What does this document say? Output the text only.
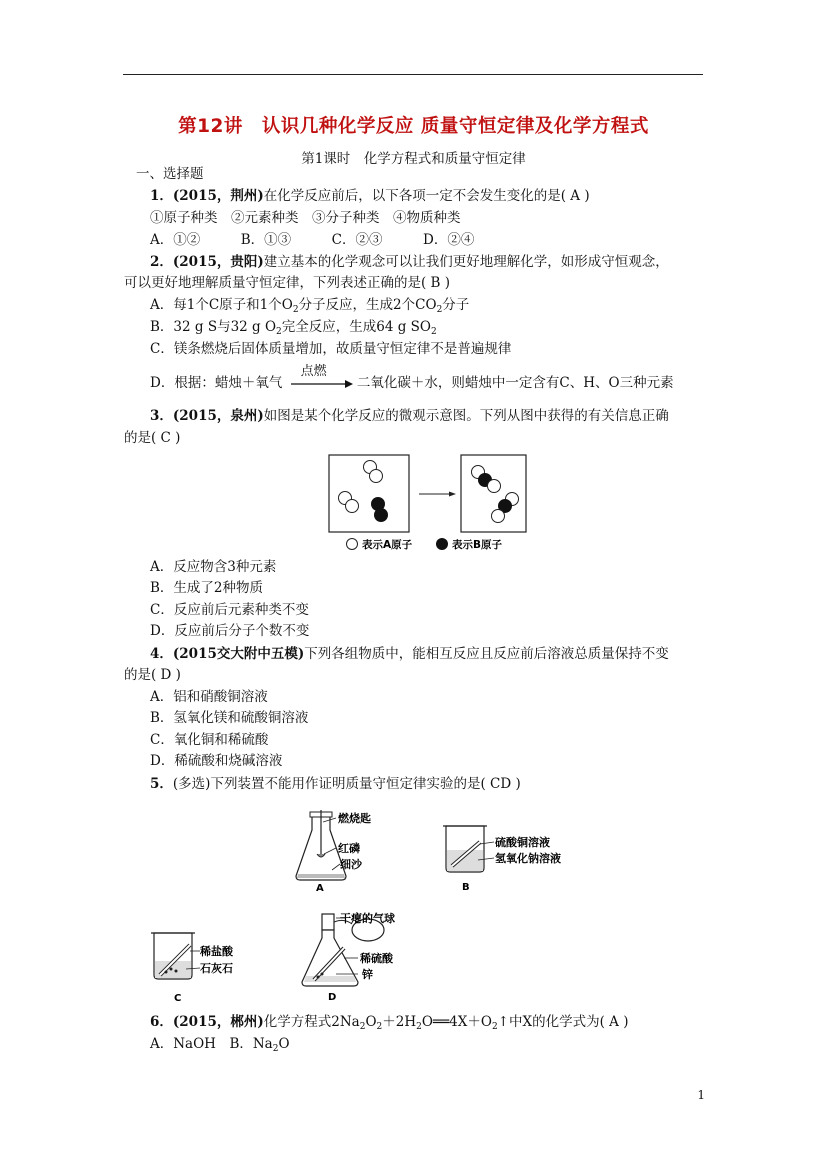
第12讲　认识几种化学反应 质量守恒定律及化学方程式
第1课时　化学方程式和质量守恒定律
一、选择题
1．(2015，荆州)在化学反应前后，以下各项一定不会发生变化的是( A )
①原子种类　②元素种类　③分子种类　④物质种类
A．①②　　　B．①③　　　C．②③　　　D．②④
2．(2015，贵阳)建立基本的化学观念可以让我们更好地理解化学，如形成守恒观念，
可以更好地理解质量守恒定律，下列表述正确的是( B )
A．每1个C原子和1个$O_2$分子反应，生成2个$CO_2$分子
B．32 g S与32 g $O_2$完全反应，生成64 g $SO_2$
C．镁条燃烧后固体质量增加，故质量守恒定律不是普遍规律
D．根据：蜡烛＋氧气
点燃
二氧化碳＋水，则蜡烛中一定含有C、H、O三种元素
3．(2015，泉州)如图是某个化学反应的微观示意图。下列从图中获得的有关信息正确
的是( C )
表示A原子	表示B原子
A．反应物含3种元素
B．生成了2种物质
C．反应前后元素种类不变
D．反应前后分子个数不变
4．(2015交大附中五模)下列各组物质中，能相互反应且反应前后溶液总质量保持不变
的是( D )
A．铝和硝酸铜溶液
B．氢氧化镁和硫酸铜溶液
C．氧化铜和稀硫酸
D．稀硫酸和烧碱溶液
5．(多选)下列装置不能用作证明质量守恒定律实验的是( CD )
燃烧匙
红磷
细沙
A
硫酸铜溶液
氢氧化钠溶液
B
稀盐酸
石灰石
C
干瘪的气球
稀硫酸
锌
D
6．(2015，郴州)化学方程式$2Na_2O_2+2H_2O══4X+O_2↑$中X的化学式为( A )
A．NaOH　B．$Na_2O$
1
